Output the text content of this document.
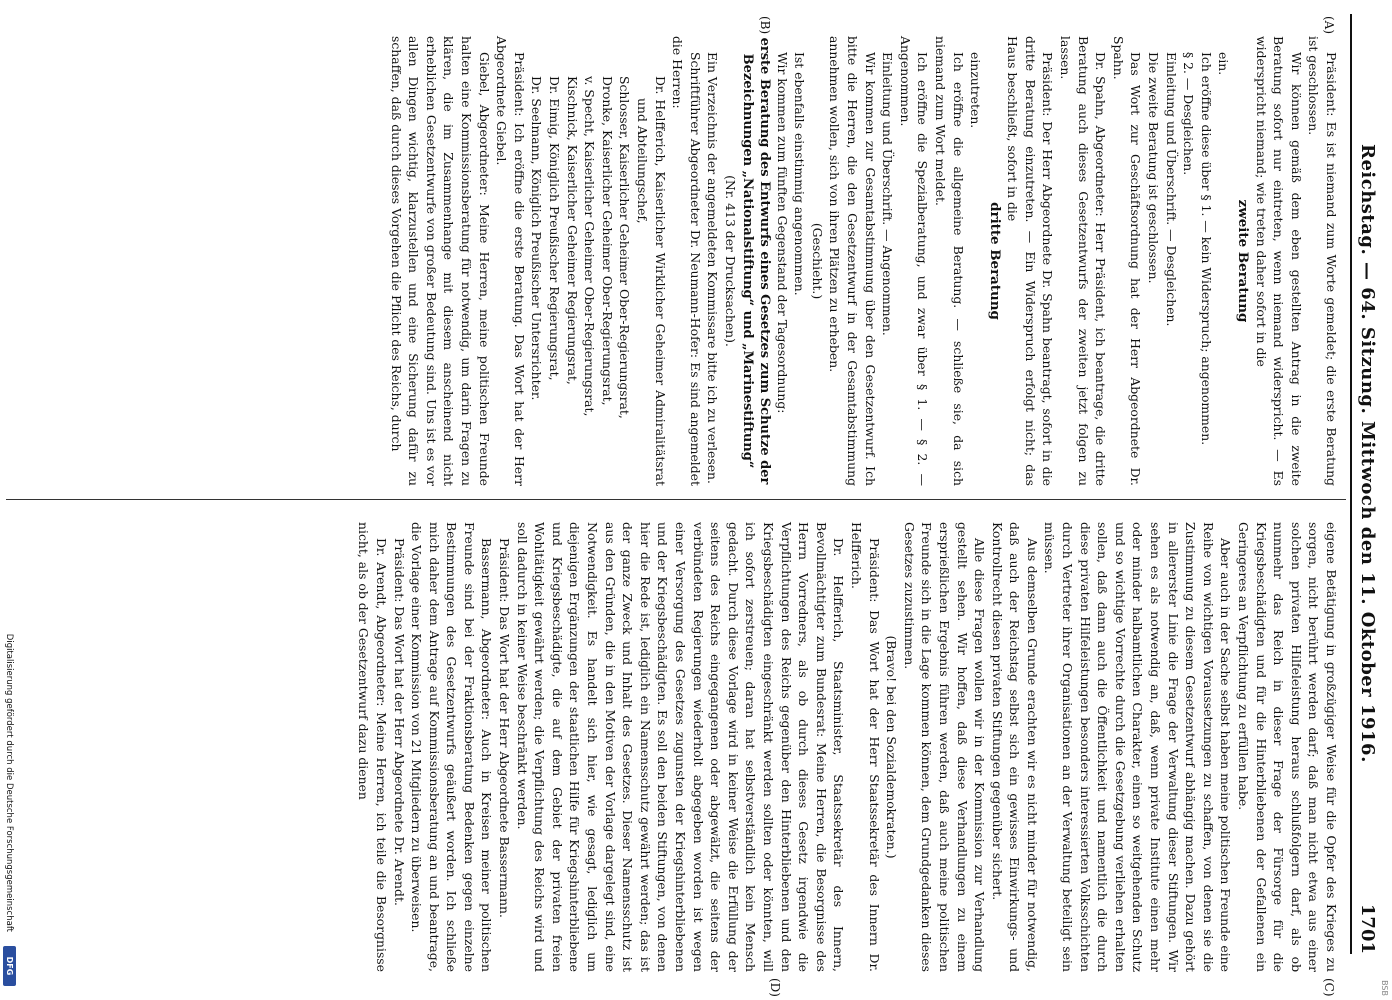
Reichstag. — 64. Sitzung. Mittwoch den 11. Oktober 1916.
1701
(A)
(B)
(C)
(D)

Präsident: Es ist niemand zum Worte gemeldet; die erste Beratung ist geschlossen.

Wir können gemäß dem eben gestellten Antrag in die zweite Beratung sofort nur eintreten, wenn niemand widerspricht. — Es widerspricht niemand; wie treten daher sofort in die

zweite Beratung

ein.

Ich eröffne diese über § 1. — kein Widerspruch; angenommen.

§ 2. — Desgleichen.

Einleitung und Überschrift. — Desgleichen.

Die zweite Beratung ist geschlossen.

Das Wort zur Geschäftsordnung hat der Herr Abgeordnete Dr. Spahn.

Dr. Spahn, Abgeordneter: Herr Präsident, ich beantrage, die dritte Beratung auch dieses Gesetzentwurfs der zweiten jetzt folgen zu lassen.

Präsident: Der Herr Abgeordnete Dr. Spahn beantragt, sofort in die dritte Beratung einzutreten. — Ein Widerspruch erfolgt nicht; das Haus beschließt, sofort in die

dritte Beratung

einzutreten.

Ich eröffne die allgemeine Beratung. — schließe sie, da sich niemand zum Wort meldet.

Ich eröffne die Spezialberatung, und zwar über § 1. — § 2. — Angenommen.

Einleitung und Überschrift. — Angenommen.

Wir kommen zur Gesamtabstimmung über den Gesetzentwurf. Ich bitte die Herren, die den Gesetzentwurf in der Gesamtabstimmung annehmen wollen, sich von ihren Plätzen zu erheben.

(Geschieht.)

Ist ebenfalls einstimmig angenommen.

Wir kommen zum fünften Gegenstand der Tagesordnung:

erste Beratung des Entwurfs eines Gesetzes zum Schutze der Bezeichnungen „Nationalstiftung“ und „Marinestiftung“

(Nr. 413 der Drucksachen).

Ein Verzeichnis der angemeldeten Kommissare bitte ich zu verlesen.

Schriftführer Abgeordneter Dr. Neumann-Hofer: Es sind angemeldet die Herren:

Dr. Helfferich, Kaiserlicher Wirklicher Geheimer Admiralitätsrat und Abteilungschef,
Schlosser, Kaiserlicher Geheimer Ober-Regierungsrat,
Dronke, Kaiserlicher Geheimer Ober-Regierungsrat,
v. Specht, Kaiserlicher Geheimer Ober-Regierungsrat,
Kischnick, Kaiserlicher Geheimer Regierungsrat,
Dr. Eimig, Königlich Preußischer Regierungsrat,
Dr. Seelmann, Königlich Preußischer Untersrichter.

Präsident: Ich eröffne die erste Beratung. Das Wort hat der Herr Abgeordnete Giebel.

Giebel, Abgeordneter: Meine Herren, meine politischen Freunde halten eine Kommissionsberatung für notwendig, um darin Fragen zu klären, die im Zusammenhange mit diesem anscheinend nicht erheblichen Gesetzentwurfe von großer Bedeutung sind. Uns ist es vor allen Dingen wichtig, klarzustellen und eine Sicherung dafür zu schaffen, daß durch dieses Vorgehen die Pflicht des Reichs, durch

eigene Betätigung in großzügiger Weise für die Opfer des Krieges zu sorgen, nicht berührt werden darf; daß man nicht etwa aus einer solchen privaten Hilfeleistung heraus schlußfolgern darf, als ob nunmehr das Reich in dieser Frage der Fürsorge für die Kriegsbeschädigten und für die Hinterbliebenen der Gefallenen ein Geringeres an Verpflichtung zu erfüllen habe.

Aber auch in der Sache selbst haben meine politischen Freunde eine Reihe von wichtigen Voraussetzungen zu schaffen, von denen sie die Zustimmung zu diesem Gesetzentwurf abhängig machen. Dazu gehört in allererster Linie die Frage der Verwaltung dieser Stiftungen. Wir sehen es als notwendig an, daß, wenn private Institute einen mehr oder minder halbamtlichen Charakter, einen so weitgehenden Schutz und so wichtige Vorrechte durch die Gesetzgebung verliehen erhalten sollen, daß dann auch die Öffentlichkeit und namentlich die durch diese privaten Hilfeleistungen besonders interessierten Volksschichten durch Vertreter ihrer Organisationen an der Verwaltung beteiligt sein müssen.

Aus demselben Grunde erachten wir es nicht minder für notwendig, daß auch der Reichstag selbst sich ein gewisses Einwirkungs- und Kontrollrecht diesen privaten Stiftungen gegenüber sichert.

Alle diese Fragen wollen wir in der Kommission zur Verhandlung gestellt sehen. Wir hoffen, daß diese Verhandlungen zu einem ersprießlichen Ergebnis führen werden, daß auch meine politischen Freunde sich in die Lage kommen können, dem Grundgedanken dieses Gesetzes zuzustimmen.

(Bravo! bei den Sozialdemokraten.)

Präsident: Das Wort hat der Herr Staatssekretär des Innern Dr. Helfferich.

Dr. Helfferich, Staatsminister, Staatssekretär des Innern, Bevollmächtigter zum Bundesrat: Meine Herren, die Besorgnisse des Herrn Vorredners, als ob durch dieses Gesetz irgendwie die Verpflichtungen des Reichs gegenüber den Hinterbliebenen und den Kriegsbeschädigten eingeschränkt werden sollten oder könnten, will ich sofort zerstreuen; daran hat selbstverständlich kein Mensch gedacht. Durch diese Vorlage wird in keiner Weise die Erfüllung der seitens des Reichs eingegangenen oder abgewälzt, die seitens der verbündeten Regierungen wiederholt abgegeben worden ist wegen einer Versorgung des Gesetzes zugunsten der Kriegshinterbliebenen und der Kriegsbeschädigten. Es soll den beiden Stiftungen, von denen hier die Rede ist, lediglich ein Namensschutz gewährt werden; das ist der ganze Zweck und Inhalt des Gesetzes. Dieser Namensschutz ist aus den Gründen, die in den Motiven der Vorlage dargelegt sind, eine Notwendigkeit. Es handelt sich hier, wie gesagt, lediglich um diejenigen Ergänzungen der staatlichen Hilfe für Kriegshinterbliebene und Kriegsbeschädigte, die auf dem Gebiet der privaten freien Wohltätigkeit gewährt werden; die Verpflichtung des Reichs wird und soll dadurch in keiner Weise beschränkt werden.

Präsident: Das Wort hat der Herr Abgeordnete Bassermann.

Bassermann, Abgeordneter: Auch in Kreisen meiner politischen Freunde sind bei der Fraktionsberatung Bedenken gegen einzelne Bestimmungen des Gesetzentwurfs geäußert worden. Ich schließe mich daher dem Antrage auf Kommissionsberatung an und beantrage, die Vorlage einer Kommission von 21 Mitgliedern zu überweisen.

Präsident: Das Wort hat der Herr Abgeordnete Dr. Arendt.

Dr. Arendt, Abgeordneter: Meine Herren, ich teile die Besorgnisse nicht, als ob der Gesetzentwurf dazu dienen

Digitalisierung gefördert durch die Deutsche Forschungsgemeinschaft
DFG
BSB
